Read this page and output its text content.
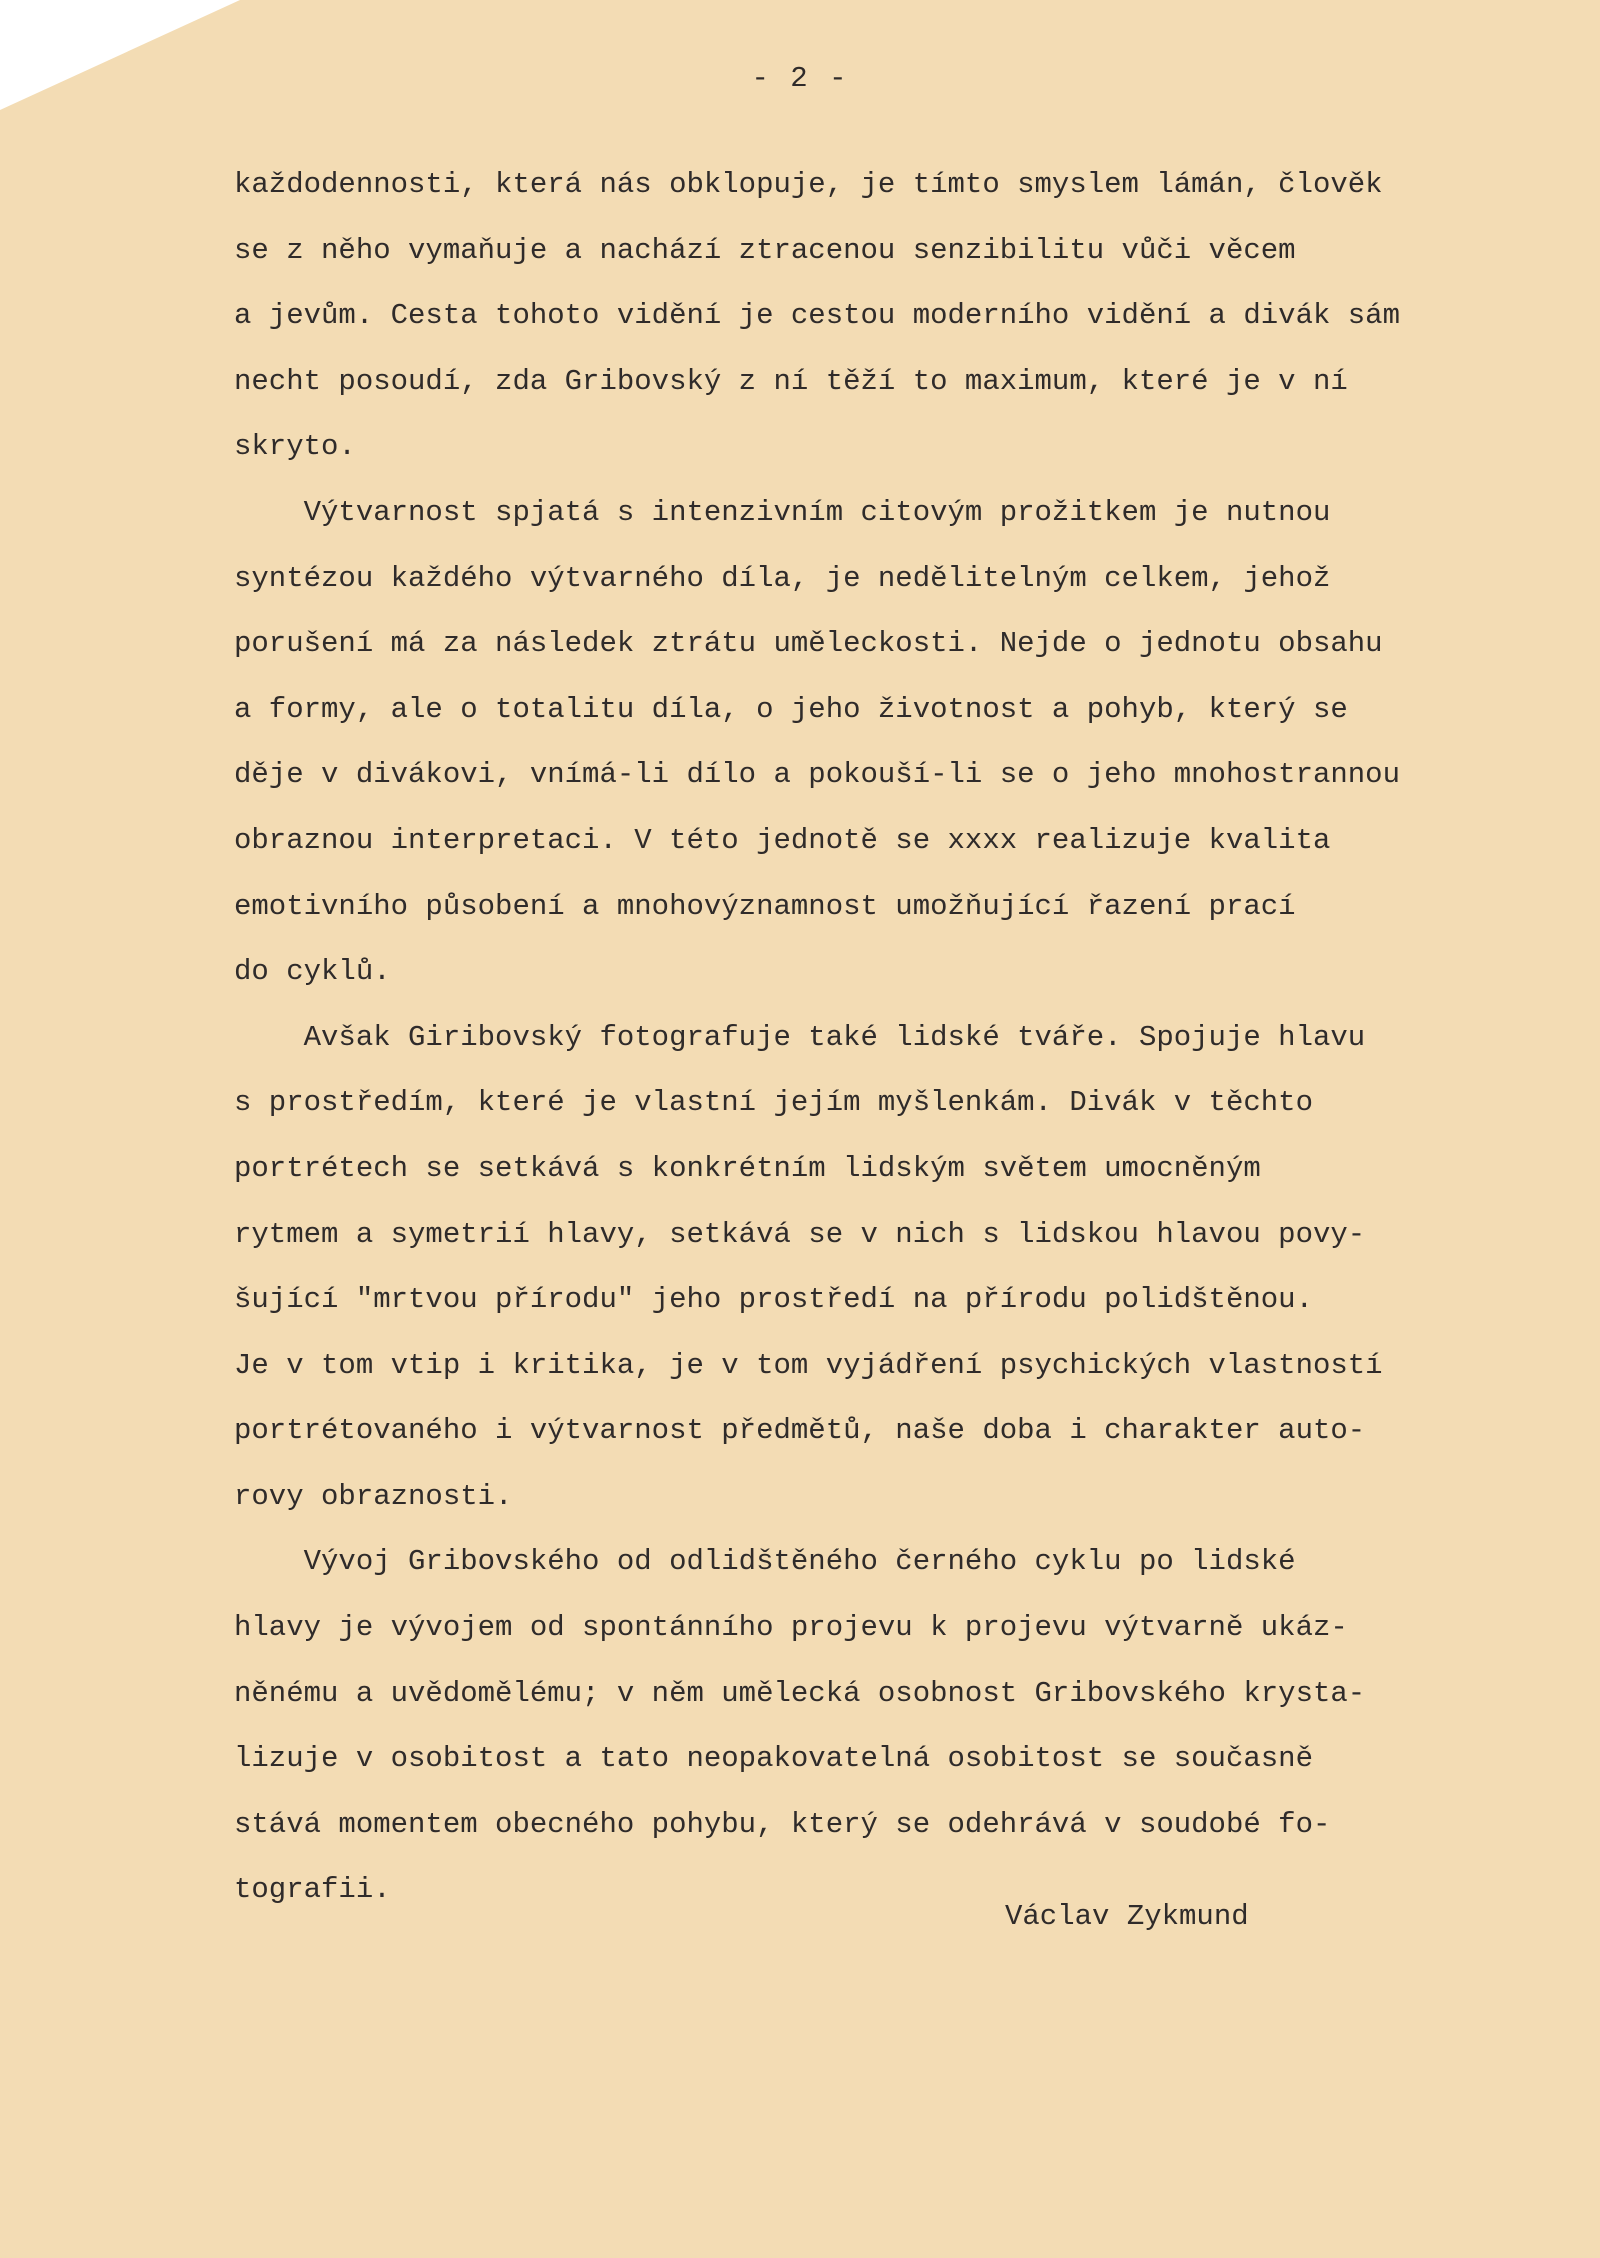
- 2 -
každodennosti, která nás obklopuje, je tímto smyslem lámán, člověk
se z něho vymaňuje a nachází ztracenou senzibilitu vůči věcem
a jevům. Cesta tohoto vidění je cestou moderního vidění a divák sám
necht posoudí, zda Gribovský z ní těží to maximum, které je v ní
skryto.
Výtvarnost spjatá s intenzivním citovým prožitkem je nutnou
syntézou každého výtvarného díla, je nedělitelným celkem, jehož
porušení má za následek ztrátu uměleckosti. Nejde o jednotu obsahu
a formy, ale o totalitu díla, o jeho životnost a pohyb, který se
děje v divákovi, vnímá-li dílo a pokouší-li se o jeho mnohostrannou
obraznou interpretaci. V této jednotě se xxxx realizuje kvalita
emotivního působení a mnohovýznamnost umožňující řazení prací
do cyklů.
Avšak Giribovský fotografuje také lidské tváře. Spojuje hlavu
s prostředím, které je vlastní jejím myšlenkám. Divák v těchto
portrétech se setkává s konkrétním lidským světem umocněným
rytmem a symetrií hlavy, setkává se v nich s lidskou hlavou povy-
šující "mrtvou přírodu" jeho prostředí na přírodu polidštěnou.
Je v tom vtip i kritika, je v tom vyjádření psychických vlastností
portrétovaného i výtvarnost předmětů, naše doba i charakter auto-
rovy obraznosti.
Vývoj Gribovského od odlidštěného černého cyklu po lidské
hlavy je vývojem od spontánního projevu k projevu výtvarně ukáz-
něnému a uvědomělému; v něm umělecká osobnost Gribovského krysta-
lizuje v osobitost a tato neopakovatelná osobitost se současně
stává momentem obecného pohybu, který se odehrává v soudobé fo-
tografii.
Václav Zykmund
